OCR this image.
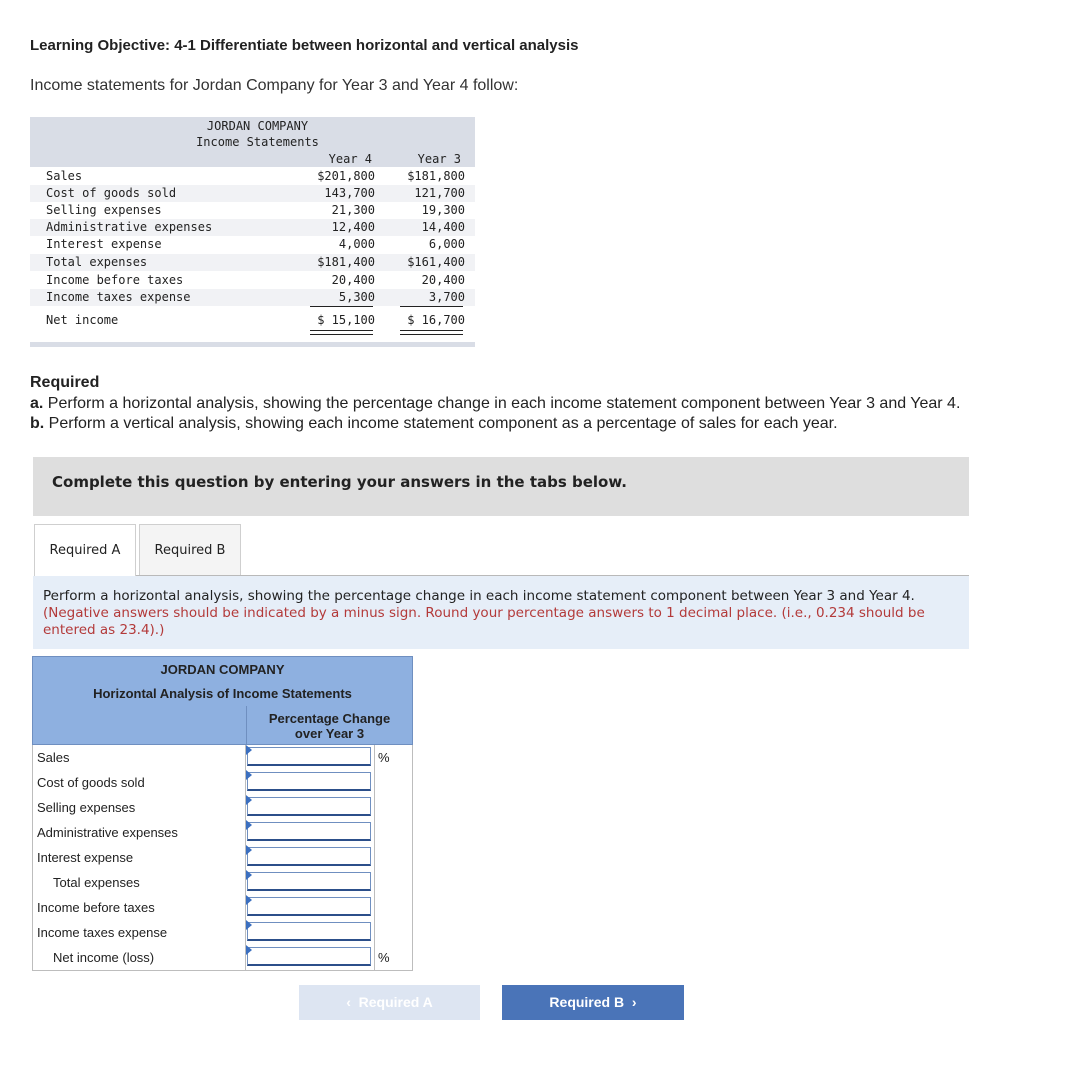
Learning Objective: 4-1 Differentiate between horizontal and vertical analysis
Income statements for Jordan Company for Year 3 and Year 4 follow:
JORDAN COMPANY
Income Statements
Year 4	Year 3
Sales	$201,800	$181,800
Cost of goods sold	143,700	121,700
Selling expenses	21,300	19,300
Administrative expenses	12,400	14,400
Interest expense	4,000	6,000
Total expenses	$181,400	$161,400
Income before taxes	20,400	20,400
Income taxes expense	5,300	3,700
Net income	$ 15,100	$ 16,700
Required
a. Perform a horizontal analysis, showing the percentage change in each income statement component between Year 3 and Year 4.
b. Perform a vertical analysis, showing each income statement component as a percentage of sales for each year.
Complete this question by entering your answers in the tabs below.
Required A	Required B

Perform a horizontal analysis, showing the percentage change in each income statement component between Year 3 and Year 4. (Negative answers should be indicated by a minus sign. Round your percentage answers to 1 decimal place. (i.e., 0.234 should be entered as 23.4).)

JORDAN COMPANY
Horizontal Analysis of Income Statements
Percentage Change
over Year 3
Sales	%
Cost of goods sold
Selling expenses
Administrative expenses
Interest expense
Total expenses
Income before taxes
Income taxes expense
Net income (loss)	%
‹ Required A	Required B ›
